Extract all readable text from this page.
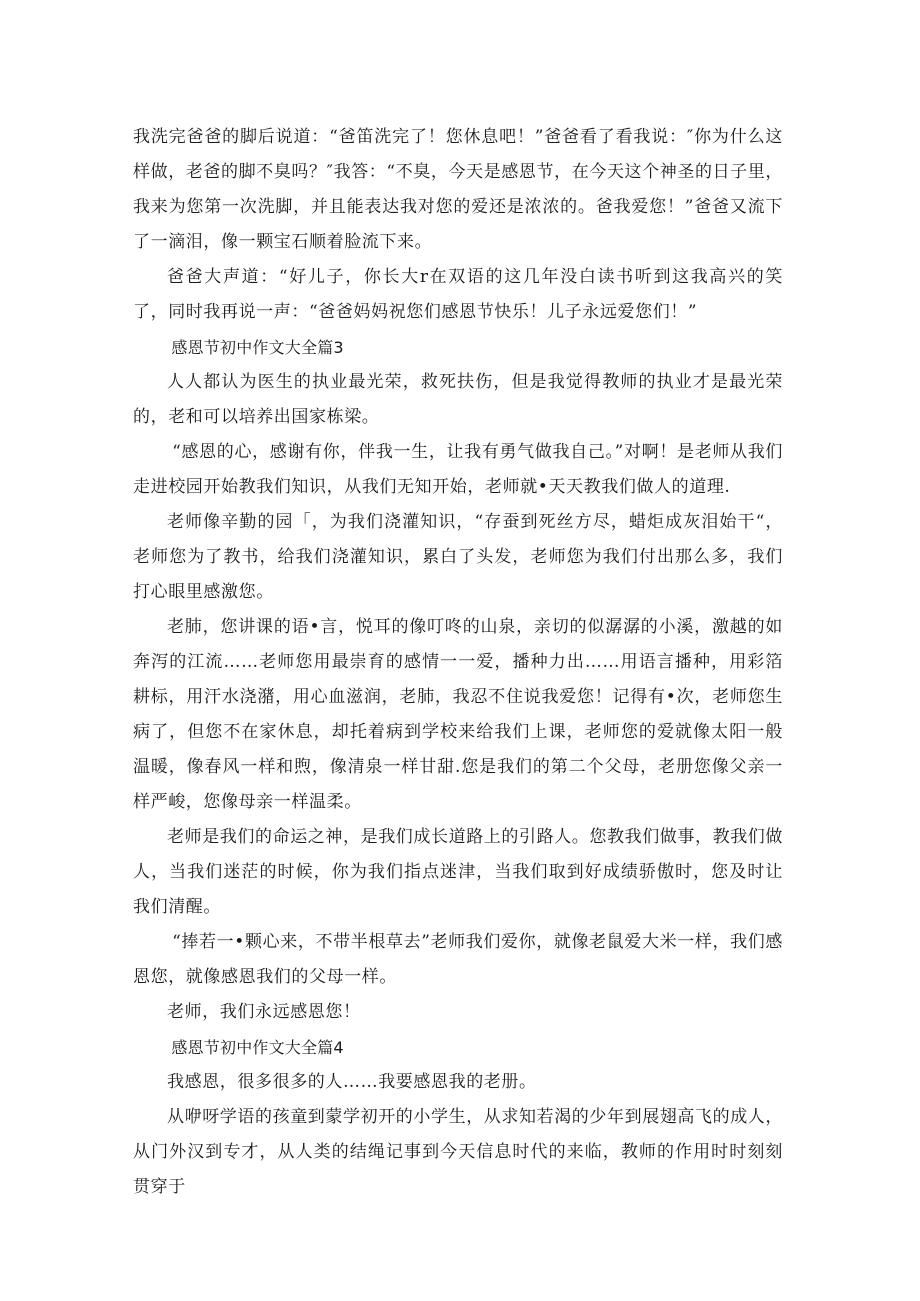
我洗完爸爸的脚后说道：“爸笛洗完了！您休息吧！”爸爸看了看我说：″你为什么这样做，老爸的脚不臭吗？″我答：“不臭，今天是感恩节，在今天这个神圣的日子里，我来为您第一次洗脚，并且能表达我对您的爱还是浓浓的。爸我爱您！”爸爸又流下了一滴泪，像一颗宝石顺着脸流下来。

爸爸大声道：“好儿子，你长大r在双语的这几年没白读书听到这我高兴的笑了，同时我再说一声：“爸爸妈妈祝您们感恩节快乐！儿子永远爱您们！”

感恩节初中作文大全篇3

人人都认为医生的执业最光荣，救死扶伤，但是我觉得教师的执业才是最光荣的，老和可以培养出国家栋梁。

“感恩的心，感谢有你，伴我一生，让我有勇气做我自己。”对啊！是老师从我们走进校园开始教我们知识，从我们无知开始，老师就•天天教我们做人的道理.

老师像辛勤的园「，为我们浇灌知识，“存蚕到死丝方尽，蜡炬成灰泪始干“，老师您为了教书，给我们浇灌知识，累白了头发，老师您为我们付出那么多，我们打心眼里感激您。

老肺，您讲课的语•言，悦耳的像叮咚的山泉，亲切的似潺潺的小溪，激越的如奔泻的江流……老师您用最崇育的感情一一爱，播种力出……用语言播种，用彩箔耕标，用汗水浇潴，用心血滋润，老肺，我忍不住说我爱您！记得有•次，老师您生病了，但您不在家休息，却托着病到学校来给我们上课，老师您的爱就像太阳一般温暖，像春风一样和煦，像清泉一样甘甜.您是我们的第二个父母，老册您像父亲一样严峻，您像母亲一样温柔。

老师是我们的命运之神，是我们成长道路上的引路人。您教我们做事，教我们做人，当我们迷茫的时候，你为我们指点迷津，当我们取到好成绩骄傲时，您及时让我们清醒。

“捧若一•颗心来，不带半根草去”老师我们爱你，就像老鼠爱大米一样，我们感恩您，就像感恩我们的父母一样。

老师，我们永远感恩您！

感恩节初中作文大全篇4

我感恩，很多很多的人……我要感恩我的老册。

从咿呀学语的孩童到蒙学初开的小学生，从求知若渴的少年到展翅高飞的成人，从门外汉到专才，从人类的结绳记事到今天信息时代的来临，教师的作用时时刻刻贯穿于
